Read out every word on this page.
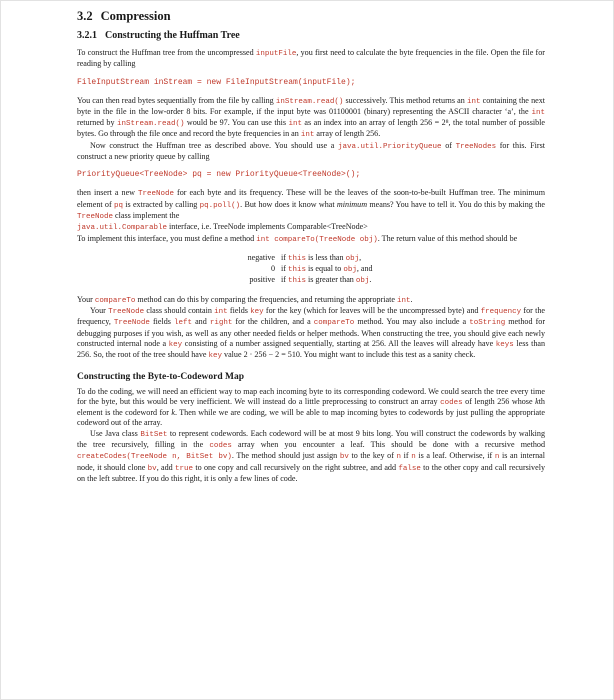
3.2 Compression
3.2.1 Constructing the Huffman Tree

To construct the Huffman tree from the uncompressed inputFile, you first need to calculate the byte frequencies in the file. Open the file for reading by calling

FileInputStream inStream = new FileInputStream(inputFile);

You can then read bytes sequentially from the file by calling inStream.read() successively. This method returns an int containing the next byte in the file in the low-order 8 bits. For example, if the input byte was 01100001 (binary) representing the ASCII character ‘a’, the int returned by inStream.read() would be 97. You can use this int as an index into an array of length 256 = 2⁸, the total number of possible bytes. Go through the file once and record the byte frequencies in an int array of length 256.

Now construct the Huffman tree as described above. You should use a java.util.PriorityQueue of TreeNodes for this. First construct a new priority queue by calling

PriorityQueue<TreeNode> pq = new PriorityQueue<TreeNode>();

then insert a new TreeNode for each byte and its frequency. These will be the leaves of the soon-to-be-built Huffman tree. The minimum element of pq is extracted by calling pq.poll(). But how does it know what minimum means? You have to tell it. You do this by making the TreeNode class implement the
java.util.Comparable interface, i.e. TreeNode implements Comparable<TreeNode>
To implement this interface, you must define a method int compareTo(TreeNode obj). The return value of this method should be

negative if this is less than obj,
0 if this is equal to obj, and
positive if this is greater than obj.

Your compareTo method can do this by comparing the frequencies, and returning the appropriate int.

Your TreeNode class should contain int fields key for the key (which for leaves will be the uncompressed byte) and frequency for the frequency, TreeNode fields left and right for the children, and a compareTo method. You may also include a toString method for debugging purposes if you wish, as well as any other needed fields or helper methods. When constructing the tree, you should give each newly constructed internal node a key consisting of a number assigned sequentially, starting at 256. All the leaves will already have keys less than 256. So, the root of the tree should have key value 2 · 256 − 2 = 510. You might want to include this test as a sanity check.

Constructing the Byte-to-Codeword Map

To do the coding, we will need an efficient way to map each incoming byte to its corresponding codeword. We could search the tree every time for the byte, but this would be very inefficient. We will instead do a little preprocessing to construct an array codes of length 256 whose kth element is the codeword for k. Then while we are coding, we will be able to map incoming bytes to codewords by just pulling the appropriate codeword out of the array.

Use Java class BitSet to represent codewords. Each codeword will be at most 9 bits long. You will construct the codewords by walking the tree recursively, filling in the codes array when you encounter a leaf. This should be done with a recursive method createCodes(TreeNode n, BitSet bv). The method should just assign bv to the key of n if n is a leaf. Otherwise, if n is an internal node, it should clone bv, add true to one copy and call recursively on the right subtree, and add false to the other copy and call recursively on the left subtree. If you do this right, it is only a few lines of code.
